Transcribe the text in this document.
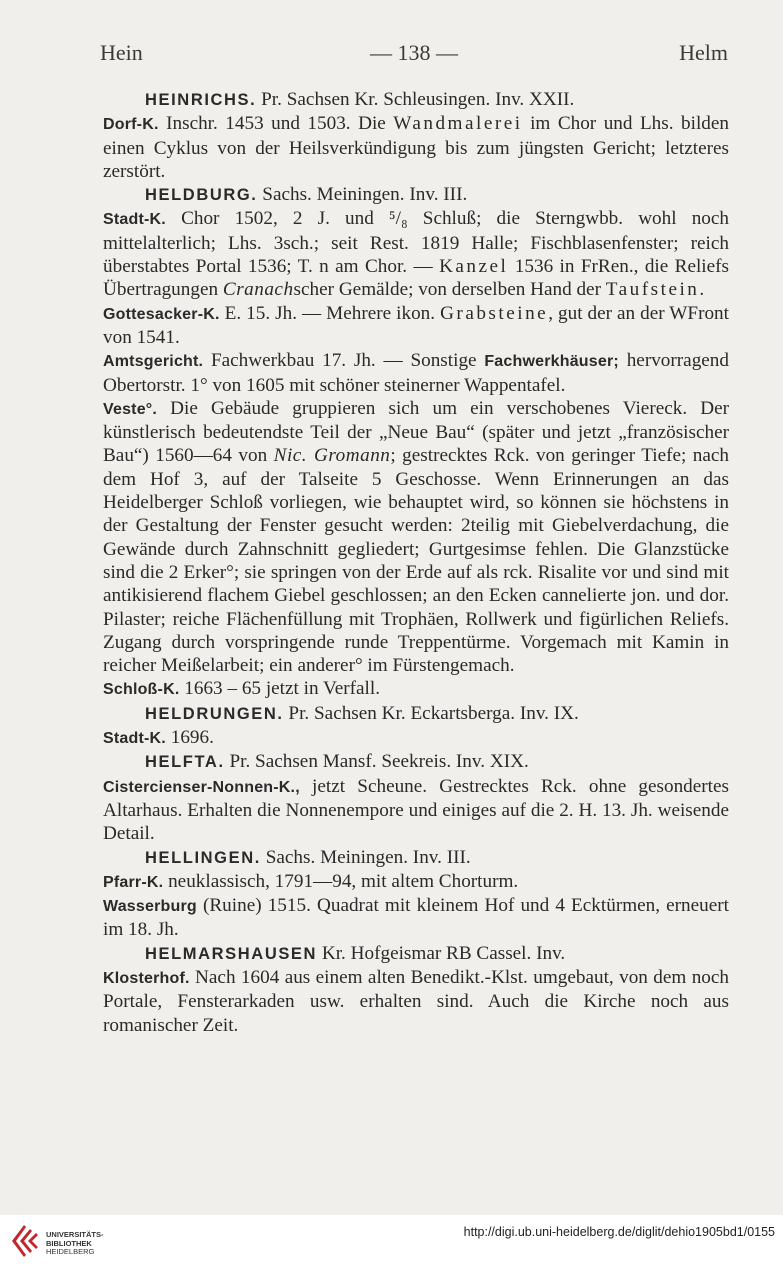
Hein	— 138 —	Helm

HEINRICHS. Pr. Sachsen Kr. Schleusingen. Inv. XXII.

Dorf-K. Inschr. 1453 und 1503. Die Wandmalerei im Chor und Lhs. bilden einen Cyklus von der Heilsverkündigung bis zum jüngsten Gericht; letzteres zerstört.

HELDBURG. Sachs. Meiningen. Inv. III.

Stadt-K. Chor 1502, 2 J. und ⁵/₈ Schluß; die Sterngwbb. wohl noch mittelalterlich; Lhs. 3sch.; seit Rest. 1819 Halle; Fischblasenfenster; reich überstabtes Portal 1536; T. n am Chor. — Kanzel 1536 in FrRen., die Reliefs Übertragungen Cranachscher Gemälde; von derselben Hand der Taufstein.

Gottesacker-K. E. 15. Jh. — Mehrere ikon. Grabsteine, gut der an der WFront von 1541.

Amtsgericht. Fachwerkbau 17. Jh. — Sonstige Fachwerkhäuser; hervorragend Obertorstr. 1° von 1605 mit schöner steinerner Wappentafel.

Veste°. Die Gebäude gruppieren sich um ein verschobenes Viereck. Der künstlerisch bedeutendste Teil der „Neue Bau“ (später und jetzt „französischer Bau“) 1560—64 von Nic. Gromann; gestrecktes Rck. von geringer Tiefe; nach dem Hof 3, auf der Talseite 5 Geschosse. Wenn Erinnerungen an das Heidelberger Schloß vorliegen, wie behauptet wird, so können sie höchstens in der Gestaltung der Fenster gesucht werden: 2teilig mit Giebelverdachung, die Gewände durch Zahnschnitt gegliedert; Gurtgesimse fehlen. Die Glanzstücke sind die 2 Erker°; sie springen von der Erde auf als rck. Risalite vor und sind mit antikisierend flachem Giebel geschlossen; an den Ecken cannelierte jon. und dor. Pilaster; reiche Flächenfüllung mit Trophäen, Rollwerk und figürlichen Reliefs. Zugang durch vorspringende runde Treppentürme. Vorgemach mit Kamin in reicher Meißelarbeit; ein anderer° im Fürstengemach.

Schloß-K. 1663 – 65 jetzt in Verfall.

HELDRUNGEN. Pr. Sachsen Kr. Eckartsberga. Inv. IX.

Stadt-K. 1696.

HELFTA. Pr. Sachsen Mansf. Seekreis. Inv. XIX.

Cistercienser-Nonnen-K., jetzt Scheune. Gestrecktes Rck. ohne gesondertes Altarhaus. Erhalten die Nonnenempore und einiges auf die 2. H. 13. Jh. weisende Detail.

HELLINGEN. Sachs. Meiningen. Inv. III.

Pfarr-K. neuklassisch, 1791—94, mit altem Chorturm.

Wasserburg (Ruine) 1515. Quadrat mit kleinem Hof und 4 Ecktürmen, erneuert im 18. Jh.

HELMARSHAUSEN Kr. Hofgeismar RB Cassel. Inv.

Klosterhof. Nach 1604 aus einem alten Benedikt.-Klst. umgebaut, von dem noch Portale, Fensterarkaden usw. erhalten sind. Auch die Kirche noch aus romanischer Zeit.

UNIVERSITÄTS-
BIBLIOTHEK
HEIDELBERG
http://digi.ub.uni-heidelberg.de/diglit/dehio1905bd1/0155
